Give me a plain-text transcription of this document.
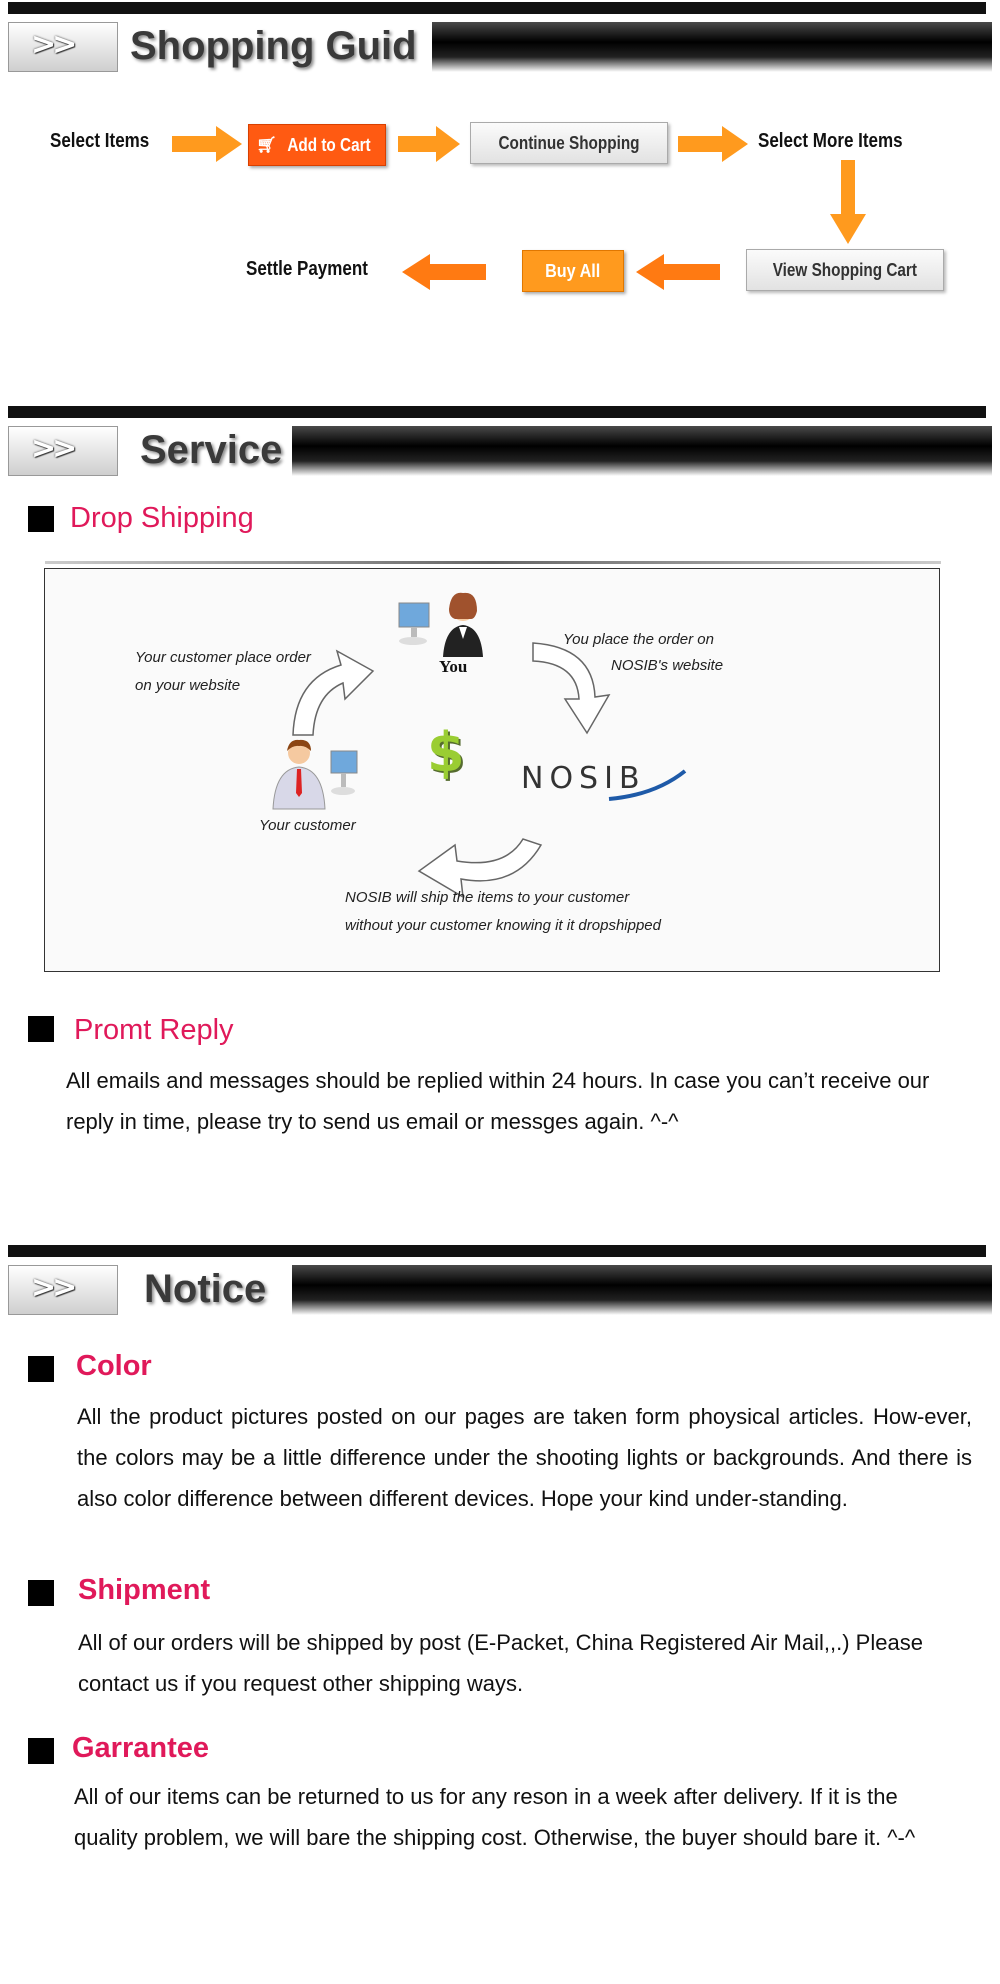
>> Shopping Guid
Select Items	🛒︎ Add to Cart	Continue Shopping	Select More Items
View Shopping Cart
Buy All
Settle Payment
>> Service
Drop Shipping
You
Your customer place order
on your website
You place the order on
NOSIB's website
$ NOSIB
Your customer
NOSIB will ship the items to your customer
without your customer knowing it it dropshipped
Promt Reply
All emails and messages should be replied within 24 hours. In case you can’t receive our reply in time, please try to send us email or messges again. ^-^
>> Notice
Color
All the product pictures posted on our pages are taken form phoysical articles. How-ever, the colors may be a little difference under the shooting lights or backgrounds. And there is also color difference between different devices. Hope your kind under-standing.
Shipment
All of our orders will be shipped by post (E-Packet, China Registered Air Mail,,.) Please contact us if you request other shipping ways.
Garrantee
All of our items can be returned to us for any reson in a week after delivery. If it is the quality problem, we will bare the shipping cost. Otherwise, the buyer should bare it. ^-^
